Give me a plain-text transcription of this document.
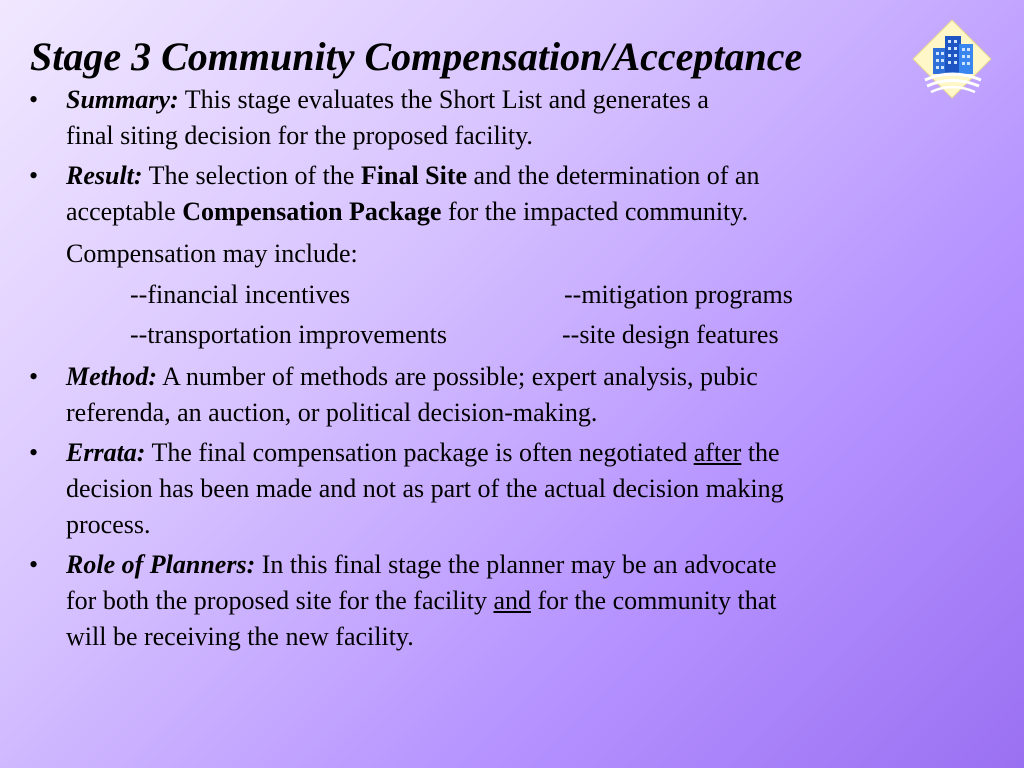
Stage 3 Community Compensation/Acceptance
• Summary: This stage evaluates the Short List and generates a
final siting decision for the proposed facility.
• Result: The selection of the Final Site and the determination of an
acceptable Compensation Package for the impacted community.
Compensation may include:
--financial incentives	--mitigation programs
--transportation improvements	--site design features
• Method: A number of methods are possible; expert analysis, pubic
referenda, an auction, or political decision-making.
• Errata: The final compensation package is often negotiated after the
decision has been made and not as part of the actual decision making
process.
• Role of Planners: In this final stage the planner may be an advocate
for both the proposed site for the facility and for the community that
will be receiving the new facility.
